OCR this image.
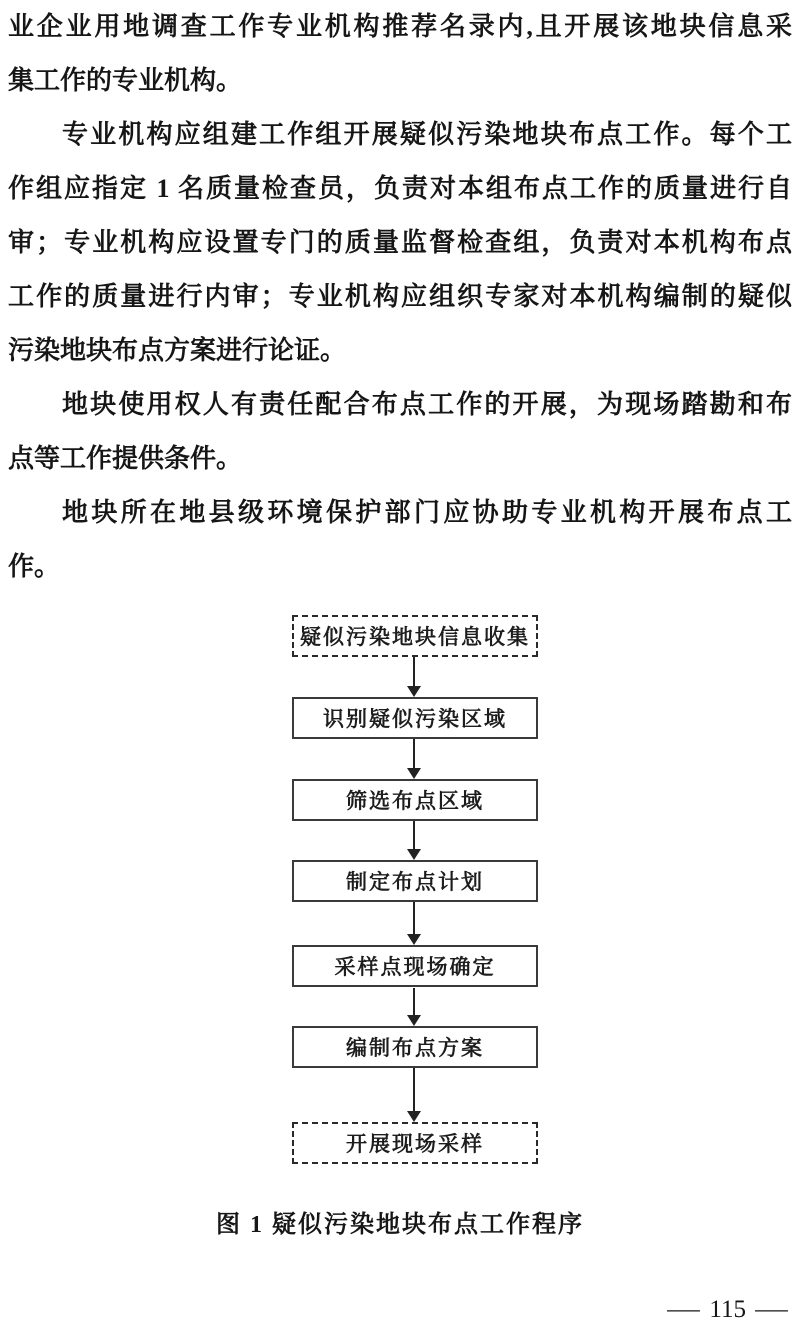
业企业用地调查工作专业机构推荐名录内,且开展该地块信息采
集工作的专业机构。
专业机构应组建工作组开展疑似污染地块布点工作。每个工
作组应指定 1 名质量检查员，负责对本组布点工作的质量进行自
审；专业机构应设置专门的质量监督检查组，负责对本机构布点
工作的质量进行内审；专业机构应组织专家对本机构编制的疑似
污染地块布点方案进行论证。
地块使用权人有责任配合布点工作的开展，为现场踏勘和布
点等工作提供条件。
地块所在地县级环境保护部门应协助专业机构开展布点工
作。
疑似污染地块信息收集
识别疑似污染区域
筛选布点区域
制定布点计划
采样点现场确定
编制布点方案
开展现场采样
图 1 疑似污染地块布点工作程序
— 115 —
